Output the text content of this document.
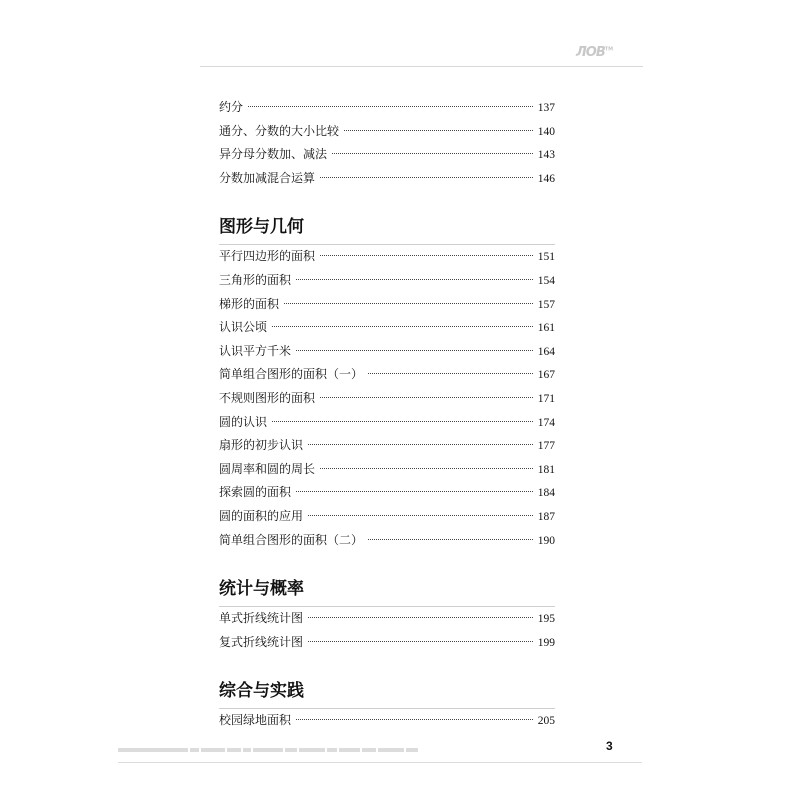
ЛОВ™
约分	137
通分、分数的大小比较	140
异分母分数加、减法	143
分数加减混合运算	146
图形与几何
平行四边形的面积	151
三角形的面积	154
梯形的面积	157
认识公顷	161
认识平方千米	164
简单组合图形的面积（一）	167
不规则图形的面积	171
圆的认识	174
扇形的初步认识	177
圆周率和圆的周长	181
探索圆的面积	184
圆的面积的应用	187
简单组合图形的面积（二）	190
统计与概率
单式折线统计图	195
复式折线统计图	199
综合与实践
校园绿地面积	205
3
